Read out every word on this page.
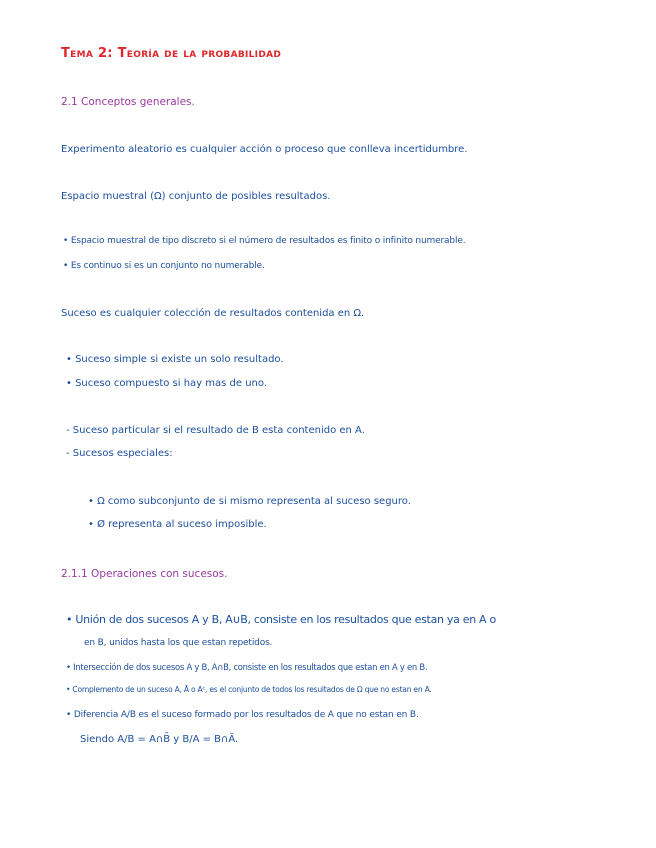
Tema 2: Teoría de la probabilidad
2.1 Conceptos generales.
Experimento aleatorio es cualquier acción o proceso que conlleva incertidumbre.
Espacio muestral (Ω) conjunto de posibles resultados.
• Espacio muestral de tipo discreto si el número de resultados es finito o infinito numerable.
• Es continuo si es un conjunto no numerable.
Suceso es cualquier colección de resultados contenida en Ω.
• Suceso simple si existe un solo resultado.
• Suceso compuesto si hay mas de uno.
- Suceso particular si el resultado de B esta contenido en A.
- Sucesos especiales:
• Ω como subconjunto de si mismo representa al suceso seguro.
• Ø representa al suceso imposible.
2.1.1 Operaciones con sucesos.
• Unión de dos sucesos A y B, A∪B, consiste en los resultados que estan ya en A o
en B, unidos hasta los que estan repetidos.
• Intersección de dos sucesos A y B, A∩B, consiste en los resultados que estan en A y en B.
• Complemento de un suceso A, Ā o Aᶜ, es el conjunto de todos los resultados de Ω que no estan en A.
• Diferencia A/B es el suceso formado por los resultados de A que no estan en B.
Siendo A/B = A∩B̄ y B/A = B∩Ā.
